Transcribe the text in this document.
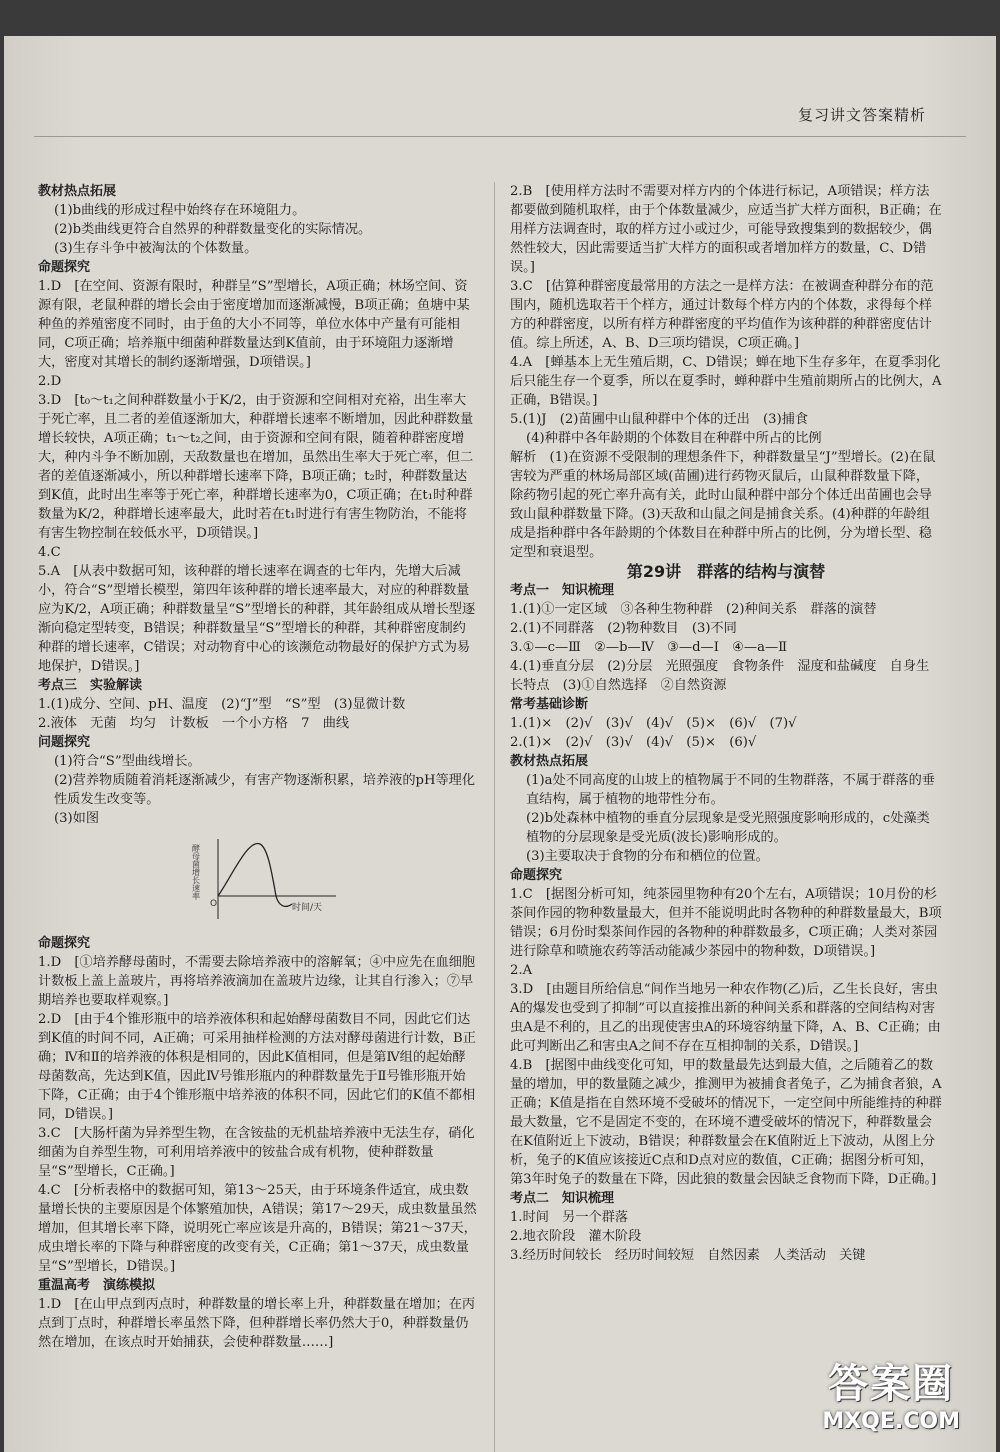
复习讲文答案精析

教材热点拓展

(1)b曲线的形成过程中始终存在环境阻力。

(2)b类曲线更符合自然界的种群数量变化的实际情况。

(3)生存斗争中被淘汰的个体数量。

命题探究

1.D　[在空间、资源有限时，种群呈“S”型增长，A项正确；林场空间、资源有限，老鼠种群的增长会由于密度增加而逐渐减慢，B项正确；鱼塘中某种鱼的养殖密度不同时，由于鱼的大小不同等，单位水体中产量有可能相同，C项正确；培养瓶中细菌种群数量达到K值前，由于环境阻力逐渐增大，密度对其增长的制约逐渐增强，D项错误。]

2.D

3.D　[t₀～t₁之间种群数量小于K/2，由于资源和空间相对充裕，出生率大于死亡率，且二者的差值逐渐加大，种群增长速率不断增加，因此种群数量增长较快，A项正确；t₁～t₂之间，由于资源和空间有限，随着种群密度增大，种内斗争不断加剧，天敌数量也在增加，虽然出生率大于死亡率，但二者的差值逐渐减小，所以种群增长速率下降，B项正确；t₂时，种群数量达到K值，此时出生率等于死亡率，种群增长速率为0，C项正确；在t₁时种群数量为K/2，种群增长速率最大，此时若在t₁时进行有害生物防治，不能将有害生物控制在较低水平，D项错误。]

4.C

5.A　[从表中数据可知，该种群的增长速率在调查的七年内，先增大后减小，符合“S”型增长模型，第四年该种群的增长速率最大，对应的种群数量应为K/2，A项正确；种群数量呈“S”型增长的种群，其年龄组成从增长型逐渐向稳定型转变，B错误；种群数量呈“S”型增长的种群，其种群密度制约种群的增长速率，C错误；对动物育中心的该濒危动物最好的保护方式为易地保护，D错误。]

考点三　实验解读

1.(1)成分、空间、pH、温度　(2)“J”型　“S”型　(3)显微计数

2.液体　无菌　均匀　计数板　一个小方格　7　曲线

问题探究

(1)符合“S”型曲线增长。

(2)营养物质随着消耗逐渐减少，有害产物逐渐积累，培养液的pH等理化性质发生改变等。

(3)如图

O	时间/天
酵母菌增长速率

命题探究

1.D　[①培养酵母菌时，不需要去除培养液中的溶解氧；④中应先在血细胞计数板上盖上盖玻片，再将培养液滴加在盖玻片边缘，让其自行渗入；⑦早期培养也要取样观察。]

2.D　[由于4个锥形瓶中的培养液体积和起始酵母菌数目不同，因此它们达到K值的时间不同，A正确；可采用抽样检测的方法对酵母菌进行计数，B正确；Ⅳ和Ⅱ的培养液的体积是相同的，因此K值相同，但是第Ⅳ组的起始酵母菌数高，先达到K值，因此Ⅳ号锥形瓶内的种群数量先于Ⅱ号锥形瓶开始下降，C正确；由于4个锥形瓶中培养液的体积不同，因此它们的K值不都相同，D错误。]

3.C　[大肠杆菌为异养型生物，在含铵盐的无机盐培养液中无法生存，硝化细菌为自养型生物，可利用培养液中的铵盐合成有机物，使种群数量呈“S”型增长，C正确。]

4.C　[分析表格中的数据可知，第13～25天，由于环境条件适宜，成虫数量增长快的主要原因是个体繁殖加快，A错误；第17～29天，成虫数量虽然增加，但其增长率下降，说明死亡率应该是升高的，B错误；第21～37天，成虫增长率的下降与种群密度的改变有关，C正确；第1～37天，成虫数量呈“S”型增长，D错误。]

重温高考　演练模拟

1.D　[在山甲点到丙点时，种群数量的增长率上升，种群数量在增加；在丙点到丁点时，种群增长率虽然下降，但种群增长率仍然大于0，种群数量仍然在增加，在该点时开始捕获，会使种群数量……]

2.B　[使用样方法时不需要对样方内的个体进行标记，A项错误；样方法都要做到随机取样，由于个体数量减少，应适当扩大样方面积，B正确；在用样方法调查时，取的样方过小或过少，可能导致搜集到的数据较少，偶然性较大，因此需要适当扩大样方的面积或者增加样方的数量，C、D错误。]

3.C　[估算种群密度最常用的方法之一是样方法：在被调查种群分布的范围内，随机选取若干个样方，通过计数每个样方内的个体数，求得每个样方的种群密度，以所有样方种群密度的平均值作为该种群的种群密度估计值。综上所述，A、B、D三项均错误，C项正确。]

4.A　[蝉基本上无生殖后期，C、D错误；蝉在地下生存多年，在夏季羽化后只能生存一个夏季，所以在夏季时，蝉种群中生殖前期所占的比例大，A正确，B错误。]

5.(1)J　(2)苗圃中山鼠种群中个体的迁出　(3)捕食

(4)种群中各年龄期的个体数目在种群中所占的比例

解析　(1)在资源不受限制的理想条件下，种群数量呈“J”型增长。(2)在鼠害较为严重的林场局部区域(苗圃)进行药物灭鼠后，山鼠种群数量下降，除药物引起的死亡率升高有关，此时山鼠种群中部分个体迁出苗圃也会导致山鼠种群数量下降。(3)天敌和山鼠之间是捕食关系。(4)种群的年龄组成是指种群中各年龄期的个体数目在种群中所占的比例，分为增长型、稳定型和衰退型。

第29讲　群落的结构与演替

考点一　知识梳理

1.(1)①一定区域　③各种生物种群　(2)种间关系　群落的演替

2.(1)不同群落　(2)物种数目　(3)不同

3.①—c—Ⅲ　②—b—Ⅳ　③—d—Ⅰ　④—a—Ⅱ

4.(1)垂直分层　(2)分层　光照强度　食物条件　湿度和盐碱度　自身生长特点　(3)①自然选择　②自然资源

常考基础诊断

1.(1)×　(2)√　(3)√　(4)√　(5)×　(6)√　(7)√

2.(1)×　(2)√　(3)√　(4)√　(5)×　(6)√

教材热点拓展

(1)a处不同高度的山坡上的植物属于不同的生物群落，不属于群落的垂直结构，属于植物的地带性分布。

(2)b处森林中植物的垂直分层现象是受光照强度影响形成的，c处藻类植物的分层现象是受光质(波长)影响形成的。

(3)主要取决于食物的分布和栖位的位置。

命题探究

1.C　[据图分析可知，纯茶园里物种有20个左右，A项错误；10月份的杉茶间作园的物种数量最大，但并不能说明此时各物种的种群数量最大，B项错误；6月份时梨茶间作园的各物种的种群数最多，C项正确；人类对茶园进行除草和喷施农药等活动能减少茶园中的物种数，D项错误。]

2.A

3.D　[由题目所给信息“间作当地另一种农作物(乙)后，乙生长良好，害虫A的爆发也受到了抑制”可以直接推出新的种间关系和群落的空间结构对害虫A是不利的，且乙的出现使害虫A的环境容纳量下降，A、B、C正确；由此可判断出乙和害虫A之间不存在互相抑制的关系，D错误。]

4.B　[据图中曲线变化可知，甲的数量最先达到最大值，之后随着乙的数量的增加，甲的数量随之减少，推测甲为被捕食者兔子，乙为捕食者狼，A正确；K值是指在自然环境不受破坏的情况下，一定空间中所能维持的种群最大数量，它不是固定不变的，在环境不遭受破坏的情况下，种群数量会在K值附近上下波动，B错误；种群数量会在K值附近上下波动，从图上分析，兔子的K值应该接近C点和D点对应的数值，C正确；据图分析可知，第3年时兔子的数量在下降，因此狼的数量会因缺乏食物而下降，D正确。]

考点二　知识梳理

1.时间　另一个群落

2.地衣阶段　灌木阶段

3.经历时间较长　经历时间较短　自然因素　人类活动　关键

答案圈
MXQE.COM
